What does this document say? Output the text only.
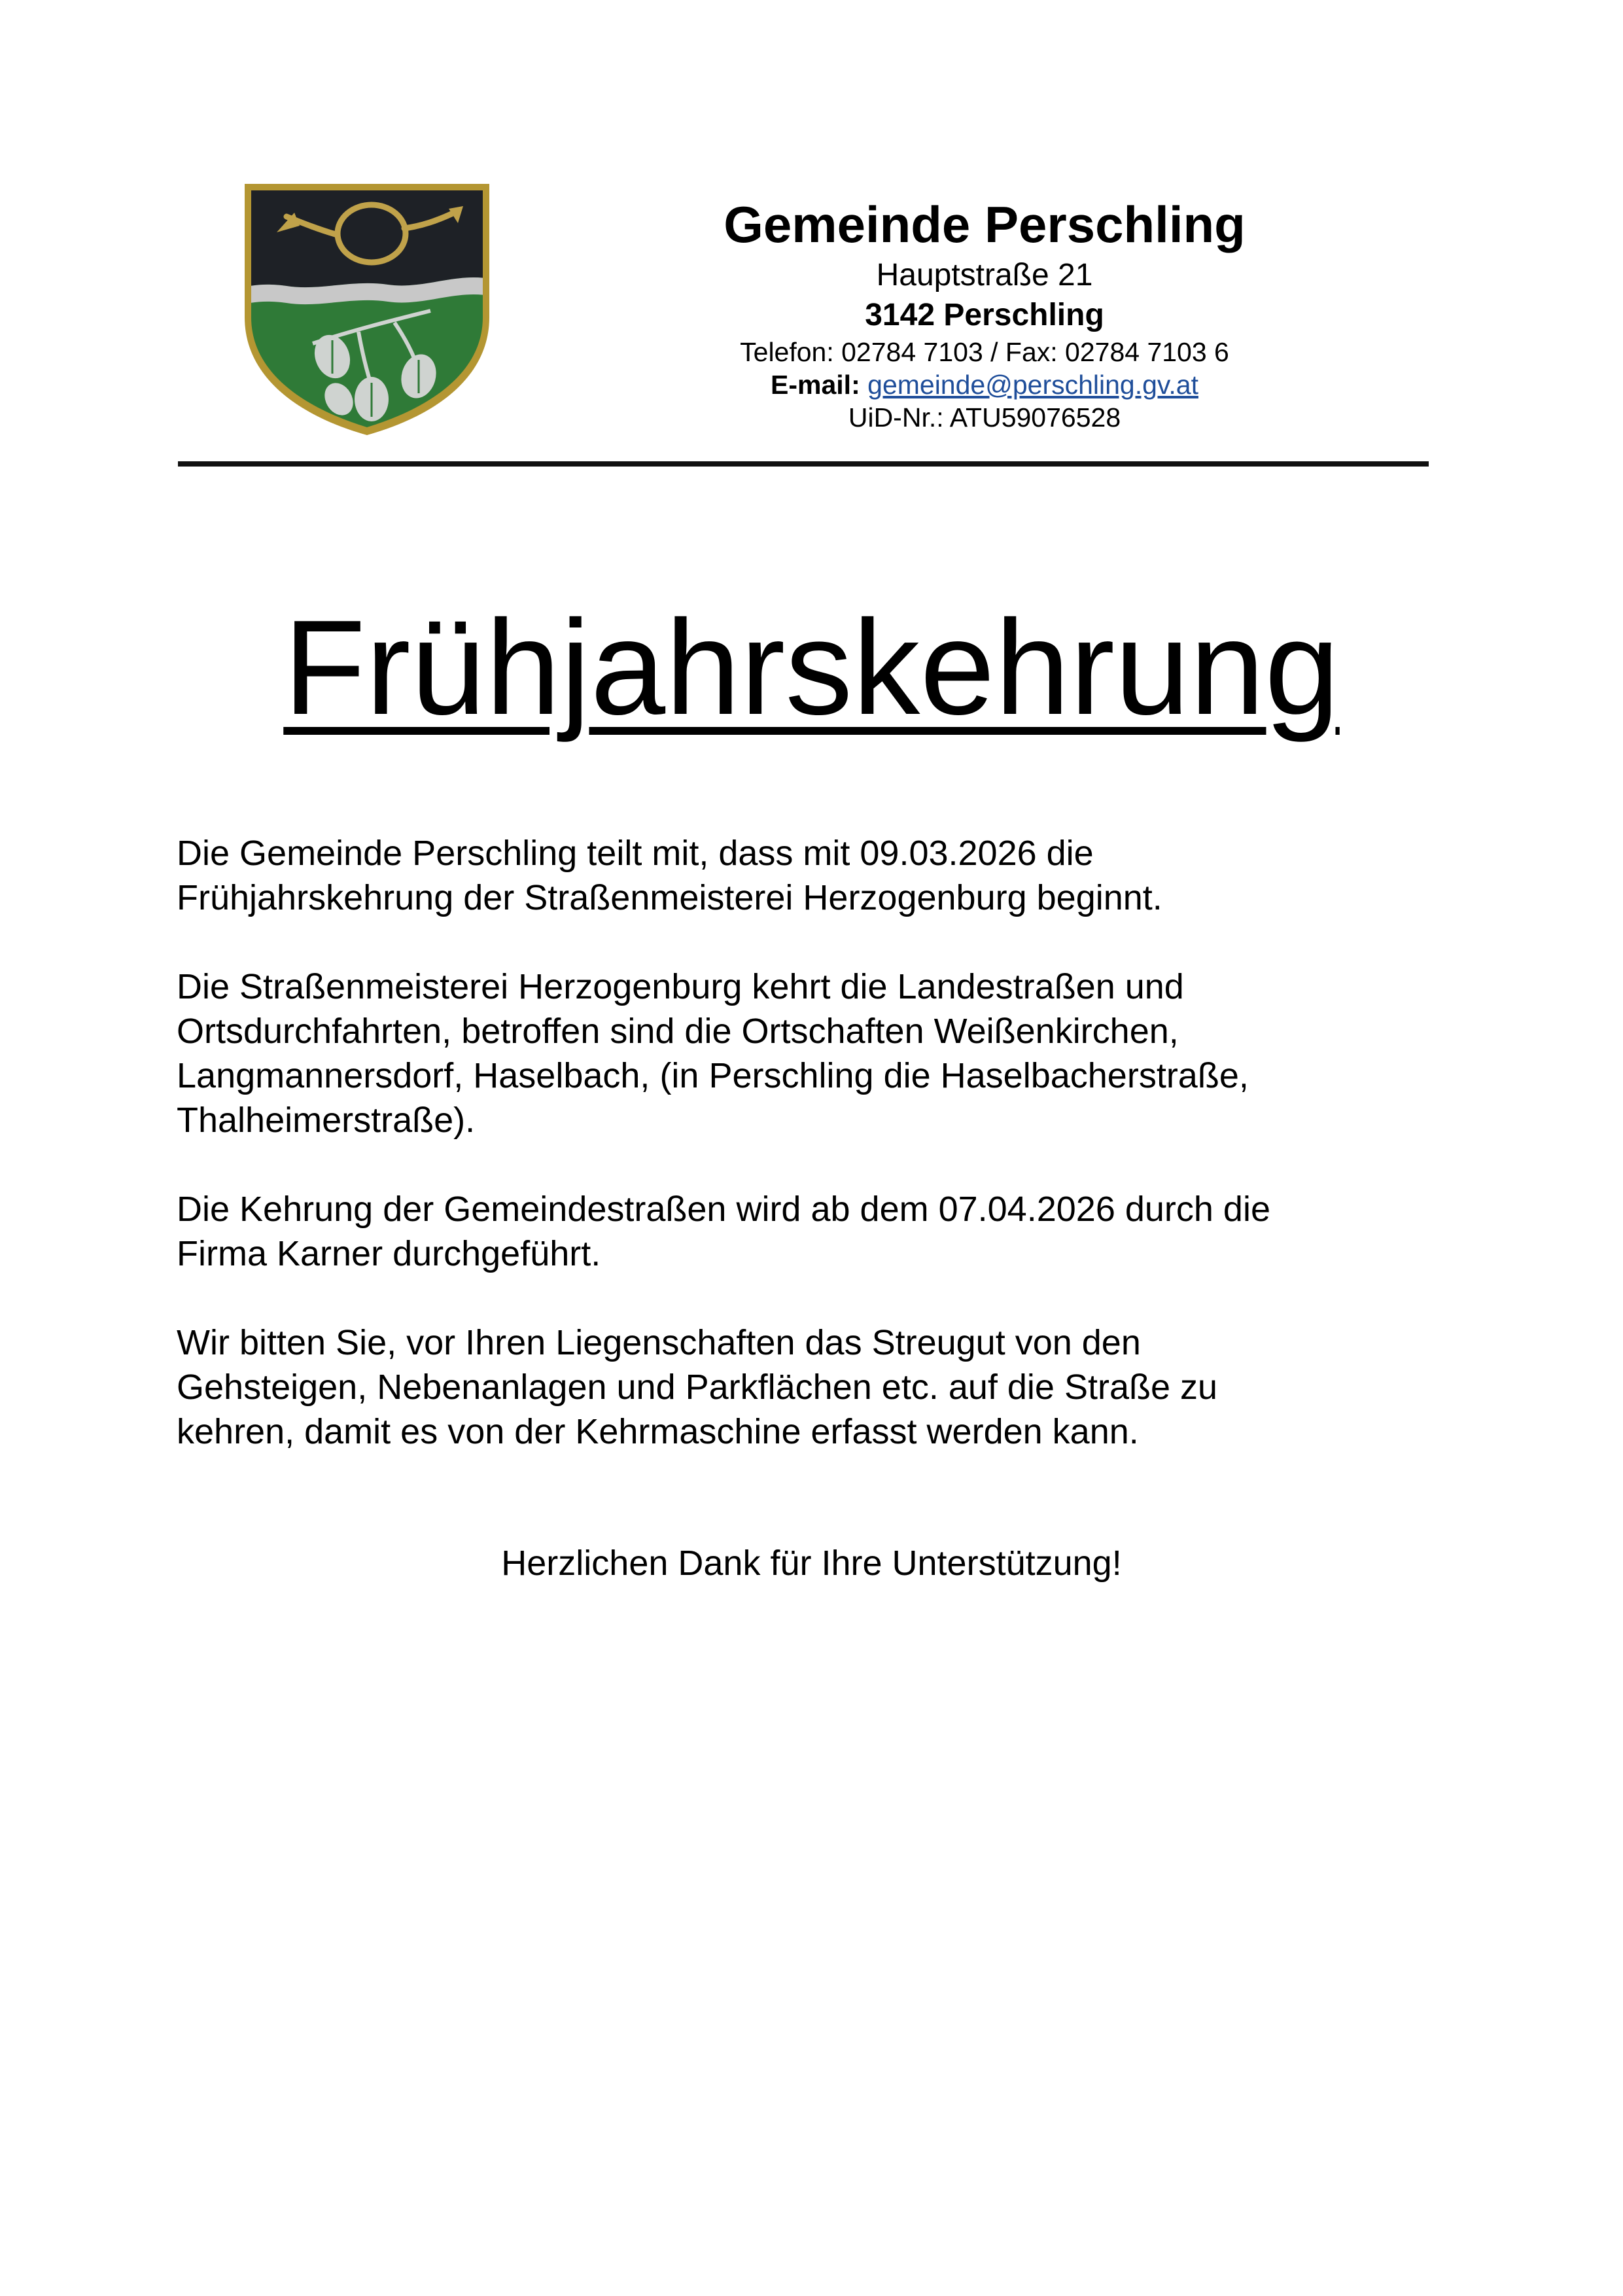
Gemeinde Perschling
Hauptstraße 21
3142 Perschling
Telefon: 02784 7103 / Fax: 02784 7103 6
E-mail: gemeinde@perschling.gv.at
UiD-Nr.: ATU59076528
Frühjahrskehrung

Die Gemeinde Perschling teilt mit, dass mit 09.03.2026 die
Frühjahrskehrung der Straßenmeisterei Herzogenburg beginnt.

Die Straßenmeisterei Herzogenburg kehrt die Landestraßen und
Ortsdurchfahrten, betroffen sind die Ortschaften Weißenkirchen,
Langmannersdorf, Haselbach, (in Perschling die Haselbacherstraße,
Thalheimerstraße).

Die Kehrung der Gemeindestraßen wird ab dem 07.04.2026 durch die
Firma Karner durchgeführt.

Wir bitten Sie, vor Ihren Liegenschaften das Streugut von den
Gehsteigen, Nebenanlagen und Parkflächen etc. auf die Straße zu
kehren, damit es von der Kehrmaschine erfasst werden kann.

Herzlichen Dank für Ihre Unterstützung!
